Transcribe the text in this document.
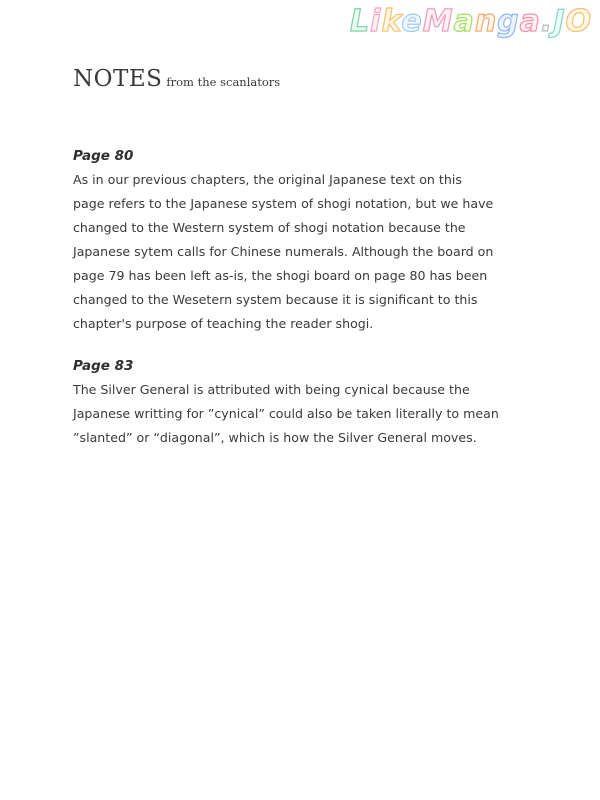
LikeManga.JO
NOTES from the scanlators

Page 80

As in our previous chapters, the original Japanese text on this
page refers to the Japanese system of shogi notation, but we have
changed to the Western system of shogi notation because the
Japanese sytem calls for Chinese numerals. Although the board on
page 79 has been left as-is, the shogi board on page 80 has been
changed to the Wesetern system because it is significant to this
chapter's purpose of teaching the reader shogi.

Page 83

The Silver General is attributed with being cynical because the
Japanese writting for ”cynical” could also be taken literally to mean
”slanted” or “diagonal”, which is how the Silver General moves.
